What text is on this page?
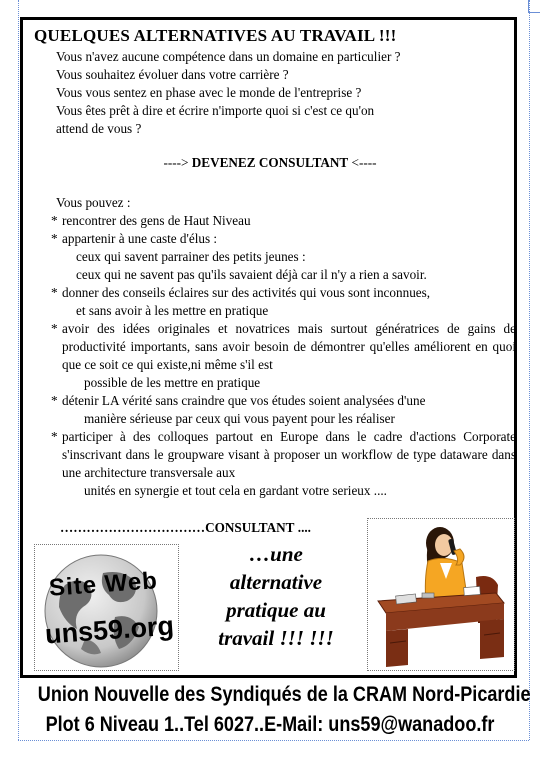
QUELQUES ALTERNATIVES AU TRAVAIL !!!
Vous n'avez aucune compétence dans un domaine en particulier ?
Vous souhaitez évoluer dans votre carrière ?
Vous vous sentez en phase avec le monde de l'entreprise ?
Vous êtes prêt à dire et écrire n'importe quoi si c'est ce qu'on
attend de vous ?
----> DEVENEZ CONSULTANT <----
Vous pouvez :
* rencontrer des gens de Haut Niveau
* appartenir à une caste d'élus :
ceux qui savent parrainer des petits jeunes :
ceux qui ne savent pas qu'ils savaient déjà car il n'y a rien a savoir.
* donner des conseils éclaires sur des activités qui vous sont inconnues,
et sans avoir à les mettre en pratique
* avoir des idées originales et novatrices mais surtout génératrices de gains de productivité importants, sans avoir besoin de démontrer qu'elles améliorent en quoi que ce soit ce qui existe,ni même s'il est
possible de les mettre en pratique
* détenir LA vérité sans craindre que vos études soient analysées d'une
manière sérieuse par ceux qui vous payent pour les réaliser
* participer à des colloques partout en Europe dans le cadre d'actions Corporate s'inscrivant dans le groupware visant à proposer un workflow de type dataware dans une architecture transversale aux
unités en synergie et tout cela en gardant votre serieux ....
……………………………CONSULTANT ....
Site Web
uns59.org
…une
alternative
pratique au
travail !!! !!!
Union Nouvelle des Syndiqués de la CRAM Nord-Picardie
Plot 6 Niveau 1..Tel 6027..E-Mail: uns59@wanadoo.fr
